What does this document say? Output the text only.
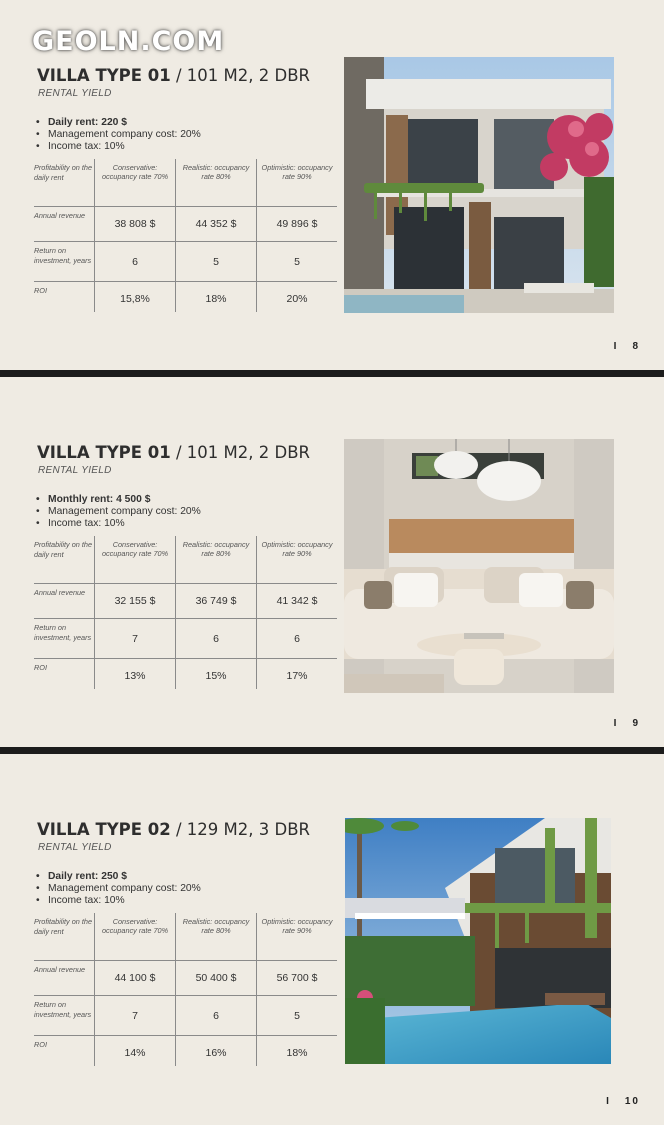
GEOLN.COM
VILLA TYPE 01 / 101 M2, 2 DBR
RENTAL YIELD
• Daily rent: 220 $
• Management company cost: 20%
• Income tax: 10%
Profitability on the daily rent	Conservative: occupancy rate 70%	Realistic: occupancy rate 80%	Optimistic: occupancy rate 90%
Annual revenue	38 808 $	44 352 $	49 896 $
Return on investment, years	6	5	5
ROI	15,8%	18%	20%
I 8
VILLA TYPE 01 / 101 M2, 2 DBR
RENTAL YIELD
• Monthly rent: 4 500 $
• Management company cost: 20%
• Income tax: 10%
Profitability on the daily rent	Conservative: occupancy rate 70%	Realistic: occupancy rate 80%	Optimistic: occupancy rate 90%
Annual revenue	32 155 $	36 749 $	41 342 $
Return on investment, years	7	6	6
ROI	13%	15%	17%
I 9
VILLA TYPE 02 / 129 M2, 3 DBR
RENTAL YIELD
• Daily rent: 250 $
• Management company cost: 20%
• Income tax: 10%
Profitability on the daily rent	Conservative: occupancy rate 70%	Realistic: occupancy rate 80%	Optimistic: occupancy rate 90%
Annual revenue	44 100 $	50 400 $	56 700 $
Return on investment, years	7	6	5
ROI	14%	16%	18%
I 10
